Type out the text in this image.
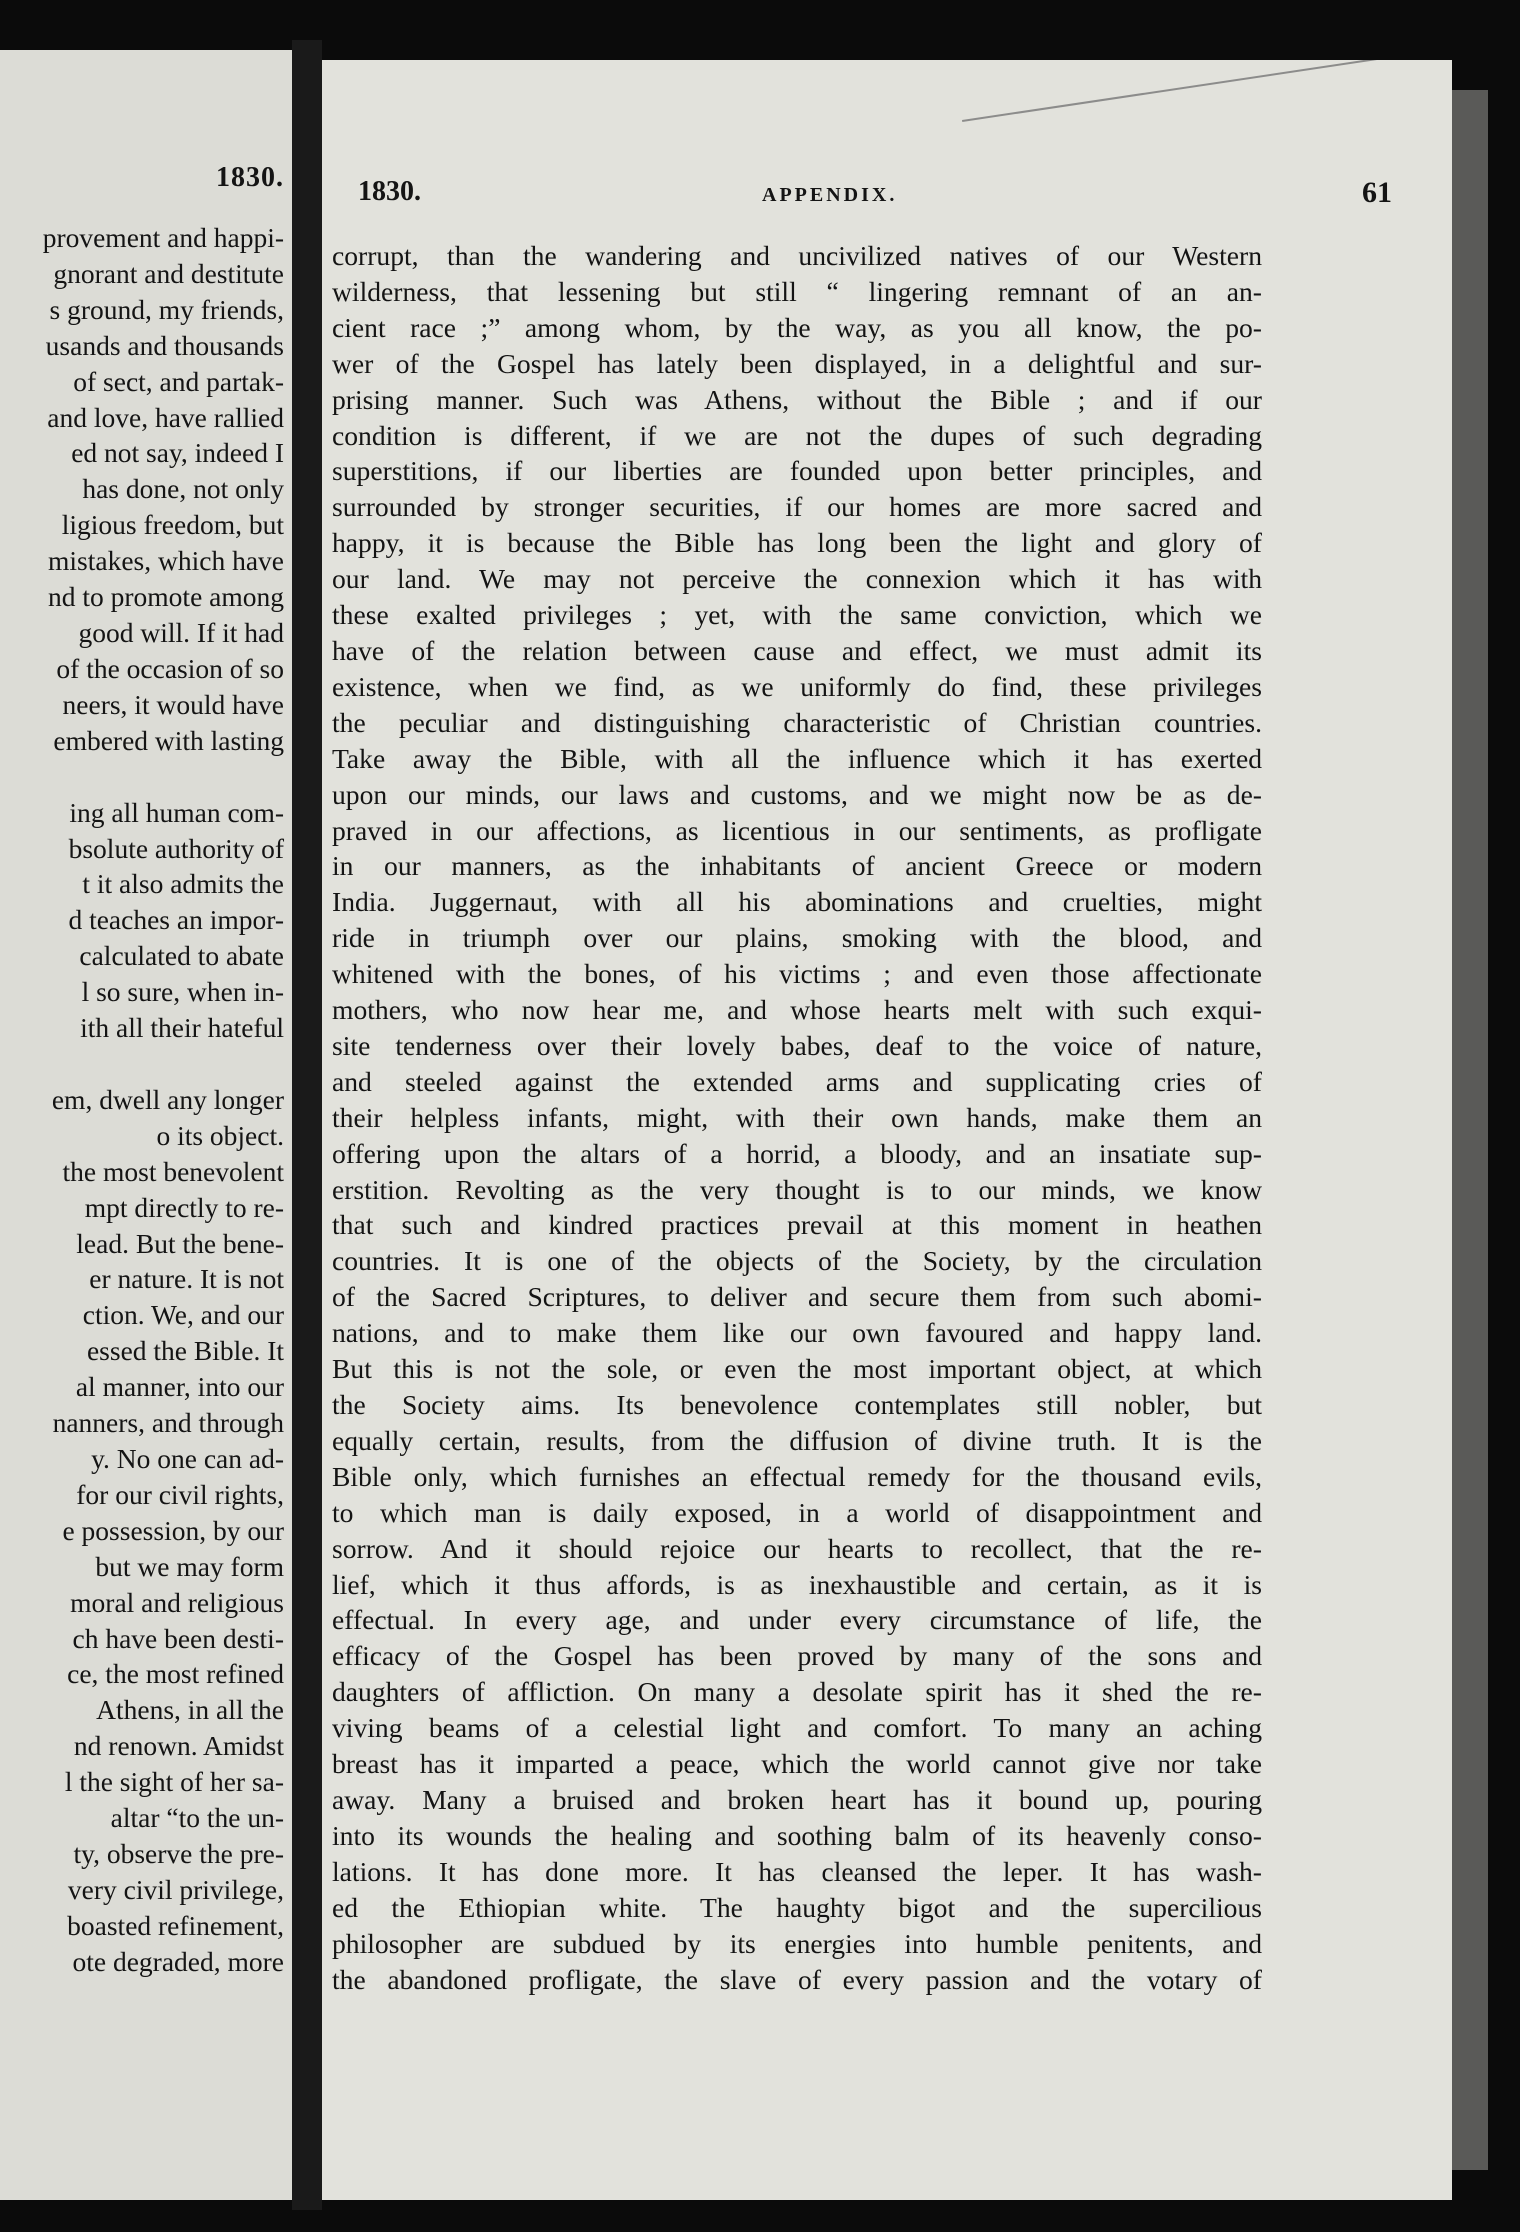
1830.
provement and happi-
gnorant and destitute
s ground, my friends,
usands and thousands
of sect, and partak-
and love, have rallied
ed not say, indeed I
has done, not only
ligious freedom, but
mistakes, which have
nd to promote among
good will. If it had
of the occasion of so
neers, it would have
embered with lasting
ing all human com-
bsolute authority of
t it also admits the
d teaches an impor-
calculated to abate
l so sure, when in-
ith all their hateful
em, dwell any longer
o its object.
the most benevolent
mpt directly to re-
lead. But the bene-
er nature. It is not
ction. We, and our
essed the Bible. It
al manner, into our
nanners, and through
y. No one can ad-
for our civil rights,
e possession, by our
but we may form
moral and religious
ch have been desti-
ce, the most refined
Athens, in all the
nd renown. Amidst
l the sight of her sa-
altar “to the un-
ty, observe the pre-
very civil privilege,
boasted refinement,
ote degraded, more
1830.	APPENDIX.	61
corrupt, than the wandering and uncivilized natives of our Western
wilderness, that lessening but still “ lingering remnant of an an-
cient race ;” among whom, by the way, as you all know, the po-
wer of the Gospel has lately been displayed, in a delightful and sur-
prising manner. Such was Athens, without the Bible ; and if our
condition is different, if we are not the dupes of such degrading
superstitions, if our liberties are founded upon better principles, and
surrounded by stronger securities, if our homes are more sacred and
happy, it is because the Bible has long been the light and glory of
our land. We may not perceive the connexion which it has with
these exalted privileges ; yet, with the same conviction, which we
have of the relation between cause and effect, we must admit its
existence, when we find, as we uniformly do find, these privileges
the peculiar and distinguishing characteristic of Christian countries.
Take away the Bible, with all the influence which it has exerted
upon our minds, our laws and customs, and we might now be as de-
praved in our affections, as licentious in our sentiments, as profligate
in our manners, as the inhabitants of ancient Greece or modern
India. Juggernaut, with all his abominations and cruelties, might
ride in triumph over our plains, smoking with the blood, and
whitened with the bones, of his victims ; and even those affectionate
mothers, who now hear me, and whose hearts melt with such exqui-
site tenderness over their lovely babes, deaf to the voice of nature,
and steeled against the extended arms and supplicating cries of
their helpless infants, might, with their own hands, make them an
offering upon the altars of a horrid, a bloody, and an insatiate sup-
erstition. Revolting as the very thought is to our minds, we know
that such and kindred practices prevail at this moment in heathen
countries. It is one of the objects of the Society, by the circulation
of the Sacred Scriptures, to deliver and secure them from such abomi-
nations, and to make them like our own favoured and happy land.
But this is not the sole, or even the most important object, at which
the Society aims. Its benevolence contemplates still nobler, but
equally certain, results, from the diffusion of divine truth. It is the
Bible only, which furnishes an effectual remedy for the thousand evils,
to which man is daily exposed, in a world of disappointment and
sorrow. And it should rejoice our hearts to recollect, that the re-
lief, which it thus affords, is as inexhaustible and certain, as it is
effectual. In every age, and under every circumstance of life, the
efficacy of the Gospel has been proved by many of the sons and
daughters of affliction. On many a desolate spirit has it shed the re-
viving beams of a celestial light and comfort. To many an aching
breast has it imparted a peace, which the world cannot give nor take
away. Many a bruised and broken heart has it bound up, pouring
into its wounds the healing and soothing balm of its heavenly conso-
lations. It has done more. It has cleansed the leper. It has wash-
ed the Ethiopian white. The haughty bigot and the supercilious
philosopher are subdued by its energies into humble penitents, and
the abandoned profligate, the slave of every passion and the votary of
